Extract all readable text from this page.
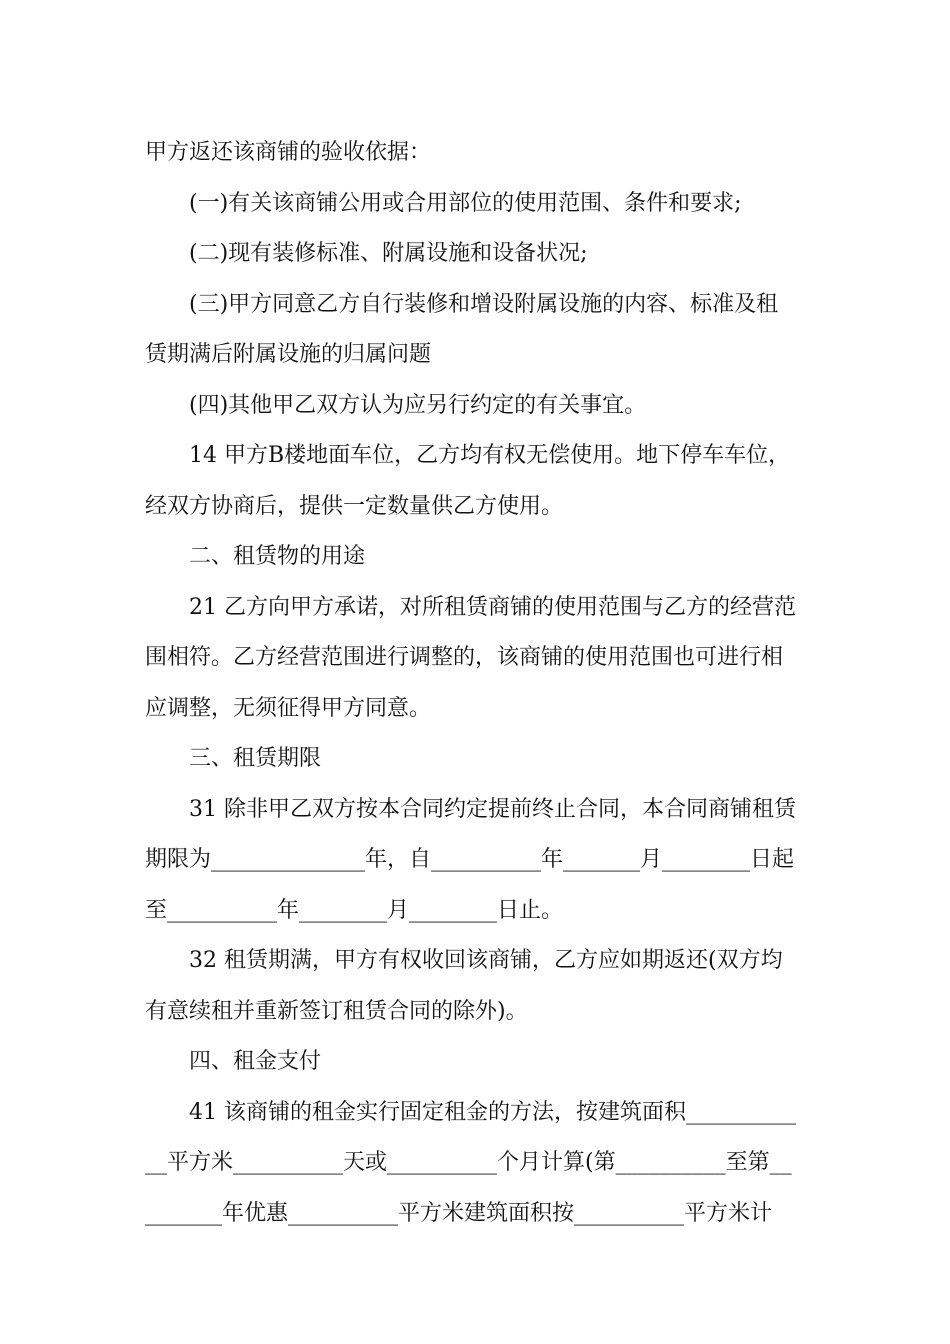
甲方返还该商铺的验收依据：
(一)有关该商铺公用或合用部位的使用范围、条件和要求;
(二)现有装修标准、附属设施和设备状况;
(三)甲方同意乙方自行装修和增设附属设施的内容、标准及租
赁期满后附属设施的归属问题
(四)其他甲乙双方认为应另行约定的有关事宜。
14 甲方B楼地面车位，乙方均有权无偿使用。地下停车车位，
经双方协商后，提供一定数量供乙方使用。
二、租赁物的用途
21 乙方向甲方承诺，对所租赁商铺的使用范围与乙方的经营范
围相符。乙方经营范围进行调整的，该商铺的使用范围也可进行相
应调整，无须征得甲方同意。
三、租赁期限
31 除非甲乙双方按本合同约定提前终止合同，本合同商铺租赁
期限为______________年，自__________年_______月________日起
至__________年________月________日止。
32 租赁期满，甲方有权收回该商铺，乙方应如期返还(双方均
有意续租并重新签订租赁合同的除外)。
四、租金支付
41 该商铺的租金实行固定租金的方法，按建筑面积__________
__平方米__________天或__________个月计算(第__________至第__
_______年优惠__________平方米建筑面积按__________平方米计
